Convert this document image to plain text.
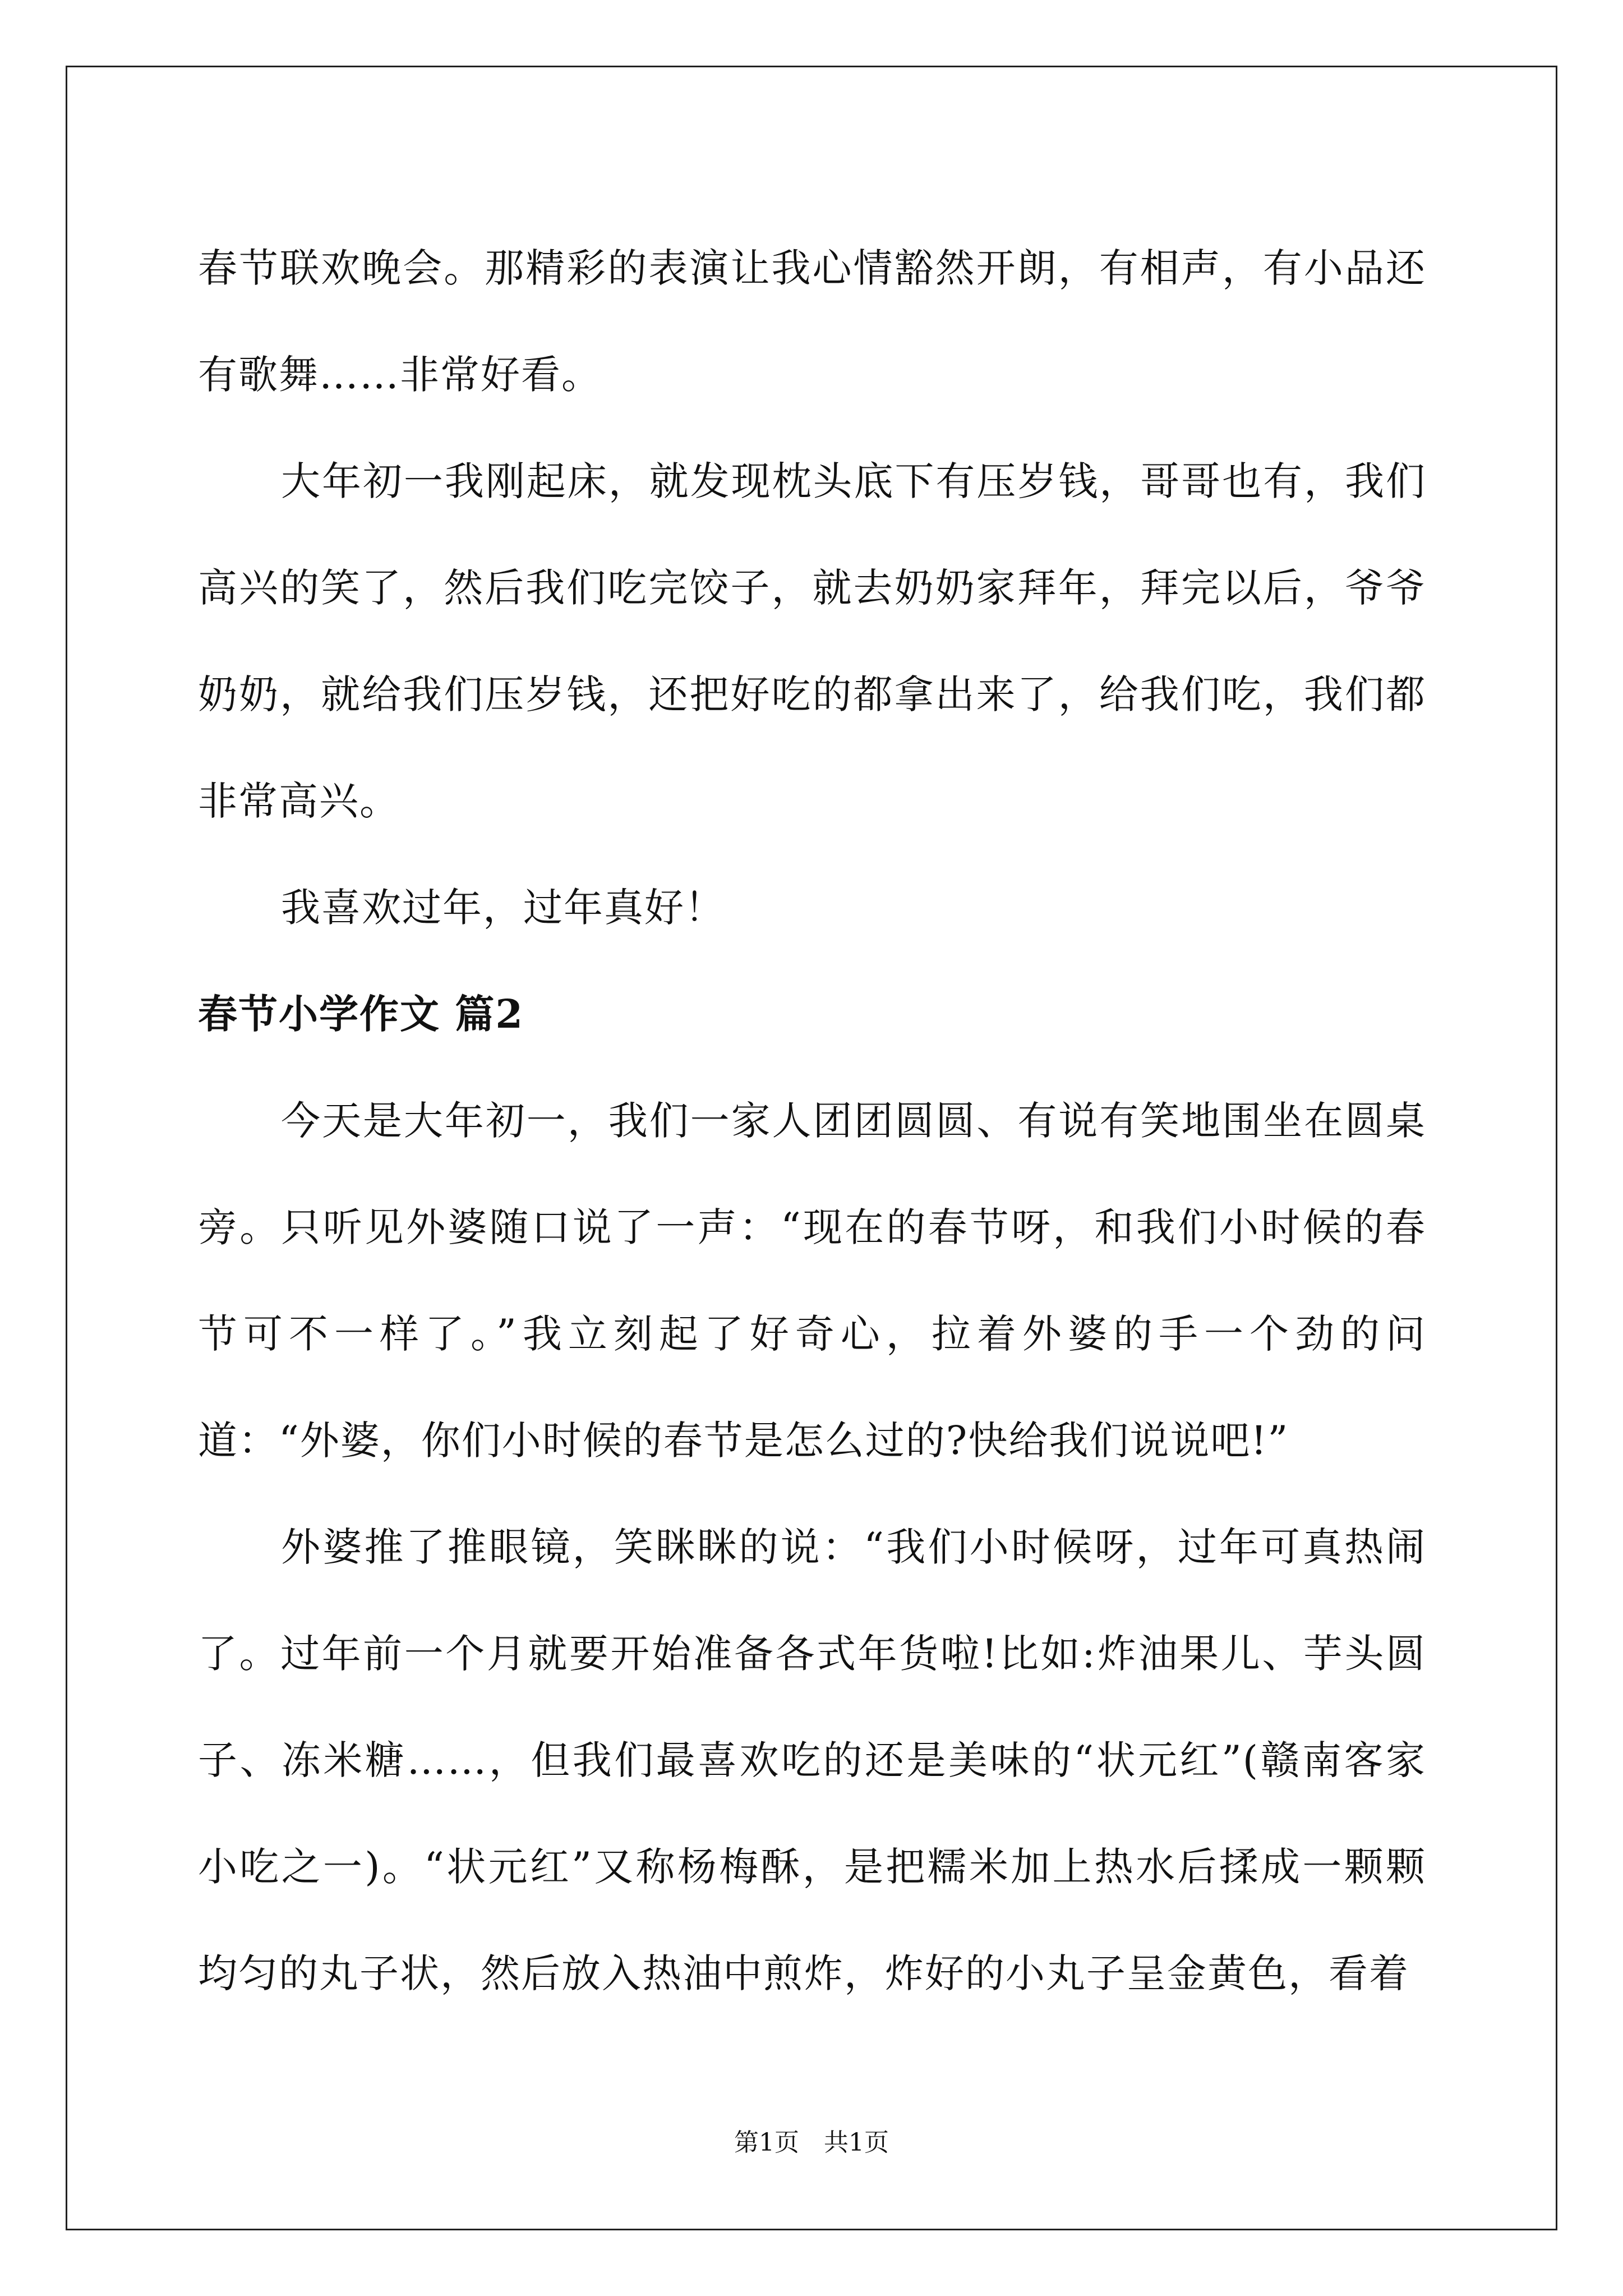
春节联欢晚会。那精彩的表演让我心情豁然开朗，有相声，有小品还有歌舞……非常好看。

大年初一我刚起床，就发现枕头底下有压岁钱，哥哥也有，我们高兴的笑了，然后我们吃完饺子，就去奶奶家拜年，拜完以后，爷爷奶奶，就给我们压岁钱，还把好吃的都拿出来了，给我们吃，我们都非常高兴。

我喜欢过年，过年真好！

春节小学作文 篇2

今天是大年初一，我们一家人团团圆圆、有说有笑地围坐在圆桌旁。只听见外婆随口说了一声：“现在的春节呀，和我们小时候的春节可不一样了。”我立刻起了好奇心，拉着外婆的手一个劲的问道：“外婆，你们小时候的春节是怎么过的?快给我们说说吧!”

外婆推了推眼镜，笑眯眯的说：“我们小时候呀，过年可真热闹了。过年前一个月就要开始准备各式年货啦!比如:炸油果儿、芋头圆子、冻米糖……，但我们最喜欢吃的还是美味的“状元红”(赣南客家小吃之一)。“状元红”又称杨梅酥，是把糯米加上热水后揉成一颗颗均匀的丸子状，然后放入热油中煎炸，炸好的小丸子呈金黄色，看着

第1页　共1页
